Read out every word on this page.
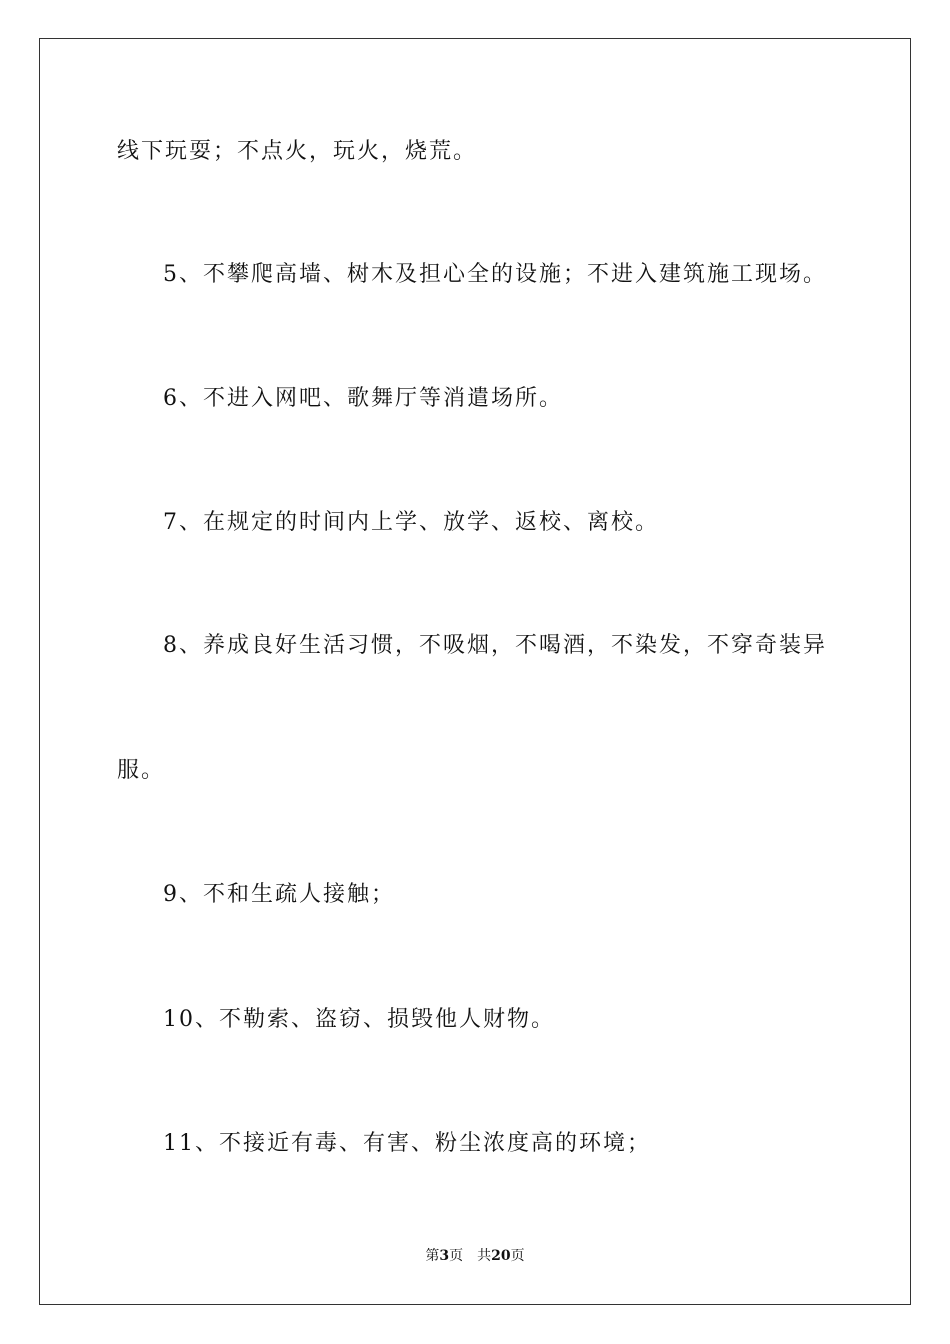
线下玩耍；不点火，玩火，烧荒。
5、不攀爬高墙、树木及担心全的设施；不进入建筑施工现场。
6、不进入网吧、歌舞厅等消遣场所。
7、在规定的时间内上学、放学、返校、离校。
8、养成良好生活习惯，不吸烟，不喝酒，不染发，不穿奇装异
服。
9、不和生疏人接触；
10、不勒索、盗窃、损毁他人财物。
11、不接近有毒、有害、粉尘浓度高的环境；
第3页　共20页
